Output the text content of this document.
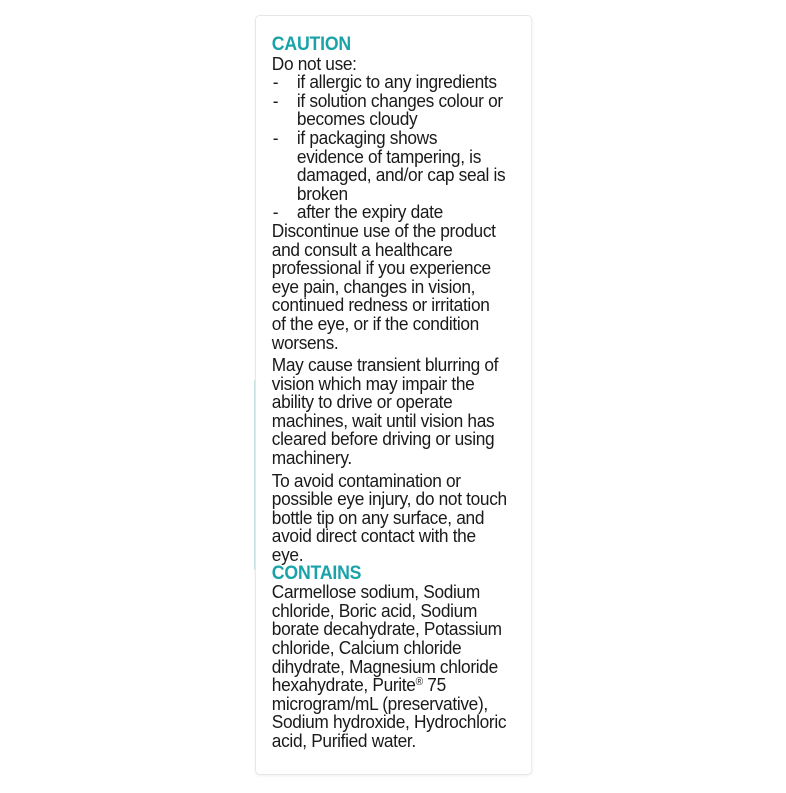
CAUTION

Do not use:

- if allergic to any ingredients
- if solution changes colour or
becomes cloudy
- if packaging shows
evidence of tampering, is
damaged, and/or cap seal is
broken
- after the expiry date
Discontinue use of the product
and consult a healthcare
professional if you experience
eye pain, changes in vision,
continued redness or irritation
of the eye, or if the condition
worsens.
May cause transient blurring of
vision which may impair the
ability to drive or operate
machines, wait until vision has
cleared before driving or using
machinery.
To avoid contamination or
possible eye injury, do not touch
bottle tip on any surface, and
avoid direct contact with the
eye.

CONTAINS

Carmellose sodium, Sodium
chloride, Boric acid, Sodium
borate decahydrate, Potassium
chloride, Calcium chloride
dihydrate, Magnesium chloride
hexahydrate, Purite® 75
microgram/mL (preservative),
Sodium hydroxide, Hydrochloric
acid, Purified water.
